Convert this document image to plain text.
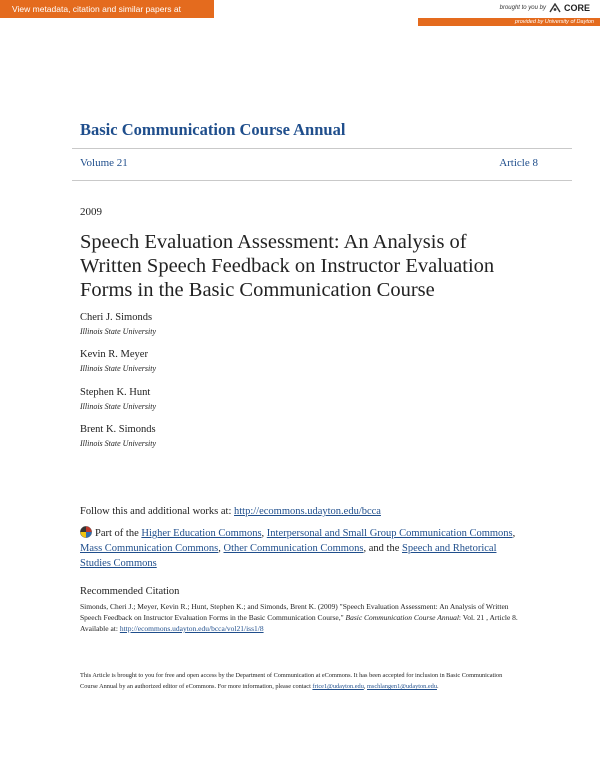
View metadata, citation and similar papers at core.ac.uk
brought to you by CORE
provided by University of Dayton
Basic Communication Course Annual
Volume 21	Article 8
2009
Speech Evaluation Assessment: An Analysis of Written Speech Feedback on Instructor Evaluation Forms in the Basic Communication Course
Cheri J. Simonds
Illinois State University
Kevin R. Meyer
Illinois State University
Stephen K. Hunt
Illinois State University
Brent K. Simonds
Illinois State University
Follow this and additional works at: http://ecommons.udayton.edu/bcca
Part of the Higher Education Commons, Interpersonal and Small Group Communication Commons, Mass Communication Commons, Other Communication Commons, and the Speech and Rhetorical Studies Commons
Recommended Citation
Simonds, Cheri J.; Meyer, Kevin R.; Hunt, Stephen K.; and Simonds, Brent K. (2009) "Speech Evaluation Assessment: An Analysis of Written Speech Feedback on Instructor Evaluation Forms in the Basic Communication Course," Basic Communication Course Annual: Vol. 21 , Article 8.
Available at: http://ecommons.udayton.edu/bcca/vol21/iss1/8
This Article is brought to you for free and open access by the Department of Communication at eCommons. It has been accepted for inclusion in Basic Communication Course Annual by an authorized editor of eCommons. For more information, please contact frice1@udayton.edu, mschlangen1@udayton.edu.
